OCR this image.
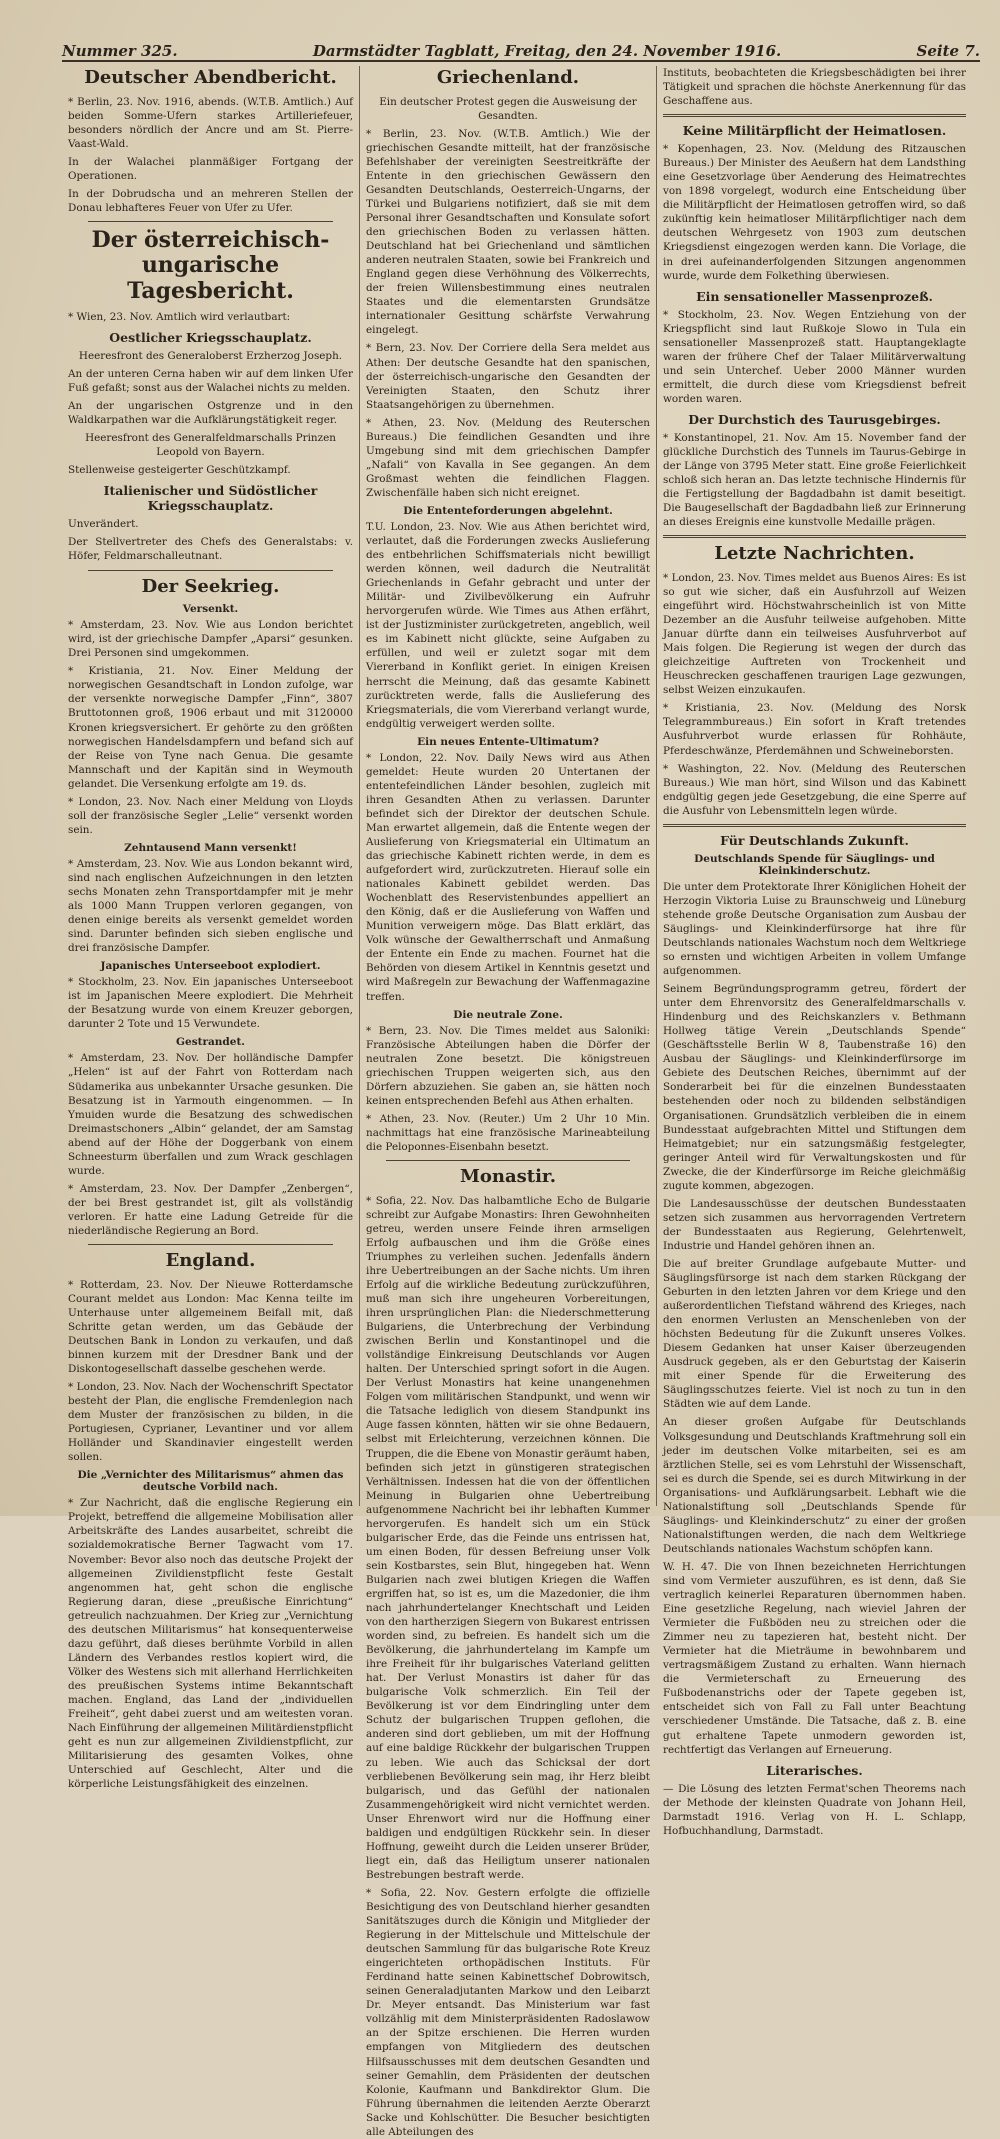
Nummer 325.	Darmstädter Tagblatt, Freitag, den 24. November 1916.	Seite 7.
Deutscher Abendbericht.

* Berlin, 23. Nov. 1916, abends. (W.T.B. Amtlich.) Auf beiden Somme-Ufern starkes Artilleriefeuer, besonders nördlich der Ancre und am St. Pierre-Vaast-Wald.

In der Walachei planmäßiger Fortgang der Operationen.

In der Dobrudscha und an mehreren Stellen der Donau lebhafteres Feuer von Ufer zu Ufer.

Der österreichisch-ungarische Tagesbericht.

* Wien, 23. Nov. Amtlich wird verlautbart:

Oestlicher Kriegsschauplatz.

Heeresfront des Generaloberst Erzherzog Joseph.

An der unteren Cerna haben wir auf dem linken Ufer Fuß gefaßt; sonst aus der Walachei nichts zu melden.

An der ungarischen Ostgrenze und in den Waldkarpathen war die Aufklärungstätigkeit reger.

Heeresfront des Generalfeldmarschalls Prinzen Leopold von Bayern.

Stellenweise gesteigerter Geschützkampf.

Italienischer und Südöstlicher Kriegsschauplatz.

Unverändert.

Der Stellvertreter des Chefs des Generalstabs: v. Höfer, Feldmarschalleutnant.

Der Seekrieg.
Versenkt.

* Amsterdam, 23. Nov. Wie aus London berichtet wird, ist der griechische Dampfer „Aparsi“ gesunken. Drei Personen sind umgekommen.

* Kristiania, 21. Nov. Einer Meldung der norwegischen Gesandtschaft in London zufolge, war der versenkte norwegische Dampfer „Finn“, 3807 Bruttotonnen groß, 1906 erbaut und mit 3120000 Kronen kriegsversichert. Er gehörte zu den größten norwegischen Handelsdampfern und befand sich auf der Reise von Tyne nach Genua. Die gesamte Mannschaft und der Kapitän sind in Weymouth gelandet. Die Versenkung erfolgte am 19. ds.

* London, 23. Nov. Nach einer Meldung von Lloyds soll der französische Segler „Lelie“ versenkt worden sein.

Zehntausend Mann versenkt!

* Amsterdam, 23. Nov. Wie aus London bekannt wird, sind nach englischen Aufzeichnungen in den letzten sechs Monaten zehn Transportdampfer mit je mehr als 1000 Mann Truppen verloren gegangen, von denen einige bereits als versenkt gemeldet worden sind. Darunter befinden sich sieben englische und drei französische Dampfer.

Japanisches Unterseeboot explodiert.

* Stockholm, 23. Nov. Ein japanisches Unterseeboot ist im Japanischen Meere explodiert. Die Mehrheit der Besatzung wurde von einem Kreuzer geborgen, darunter 2 Tote und 15 Verwundete.

Gestrandet.

* Amsterdam, 23. Nov. Der holländische Dampfer „Helen“ ist auf der Fahrt von Rotterdam nach Südamerika aus unbekannter Ursache gesunken. Die Besatzung ist in Yarmouth eingenommen. — In Ymuiden wurde die Besatzung des schwedischen Dreimastschoners „Albin“ gelandet, der am Samstag abend auf der Höhe der Doggerbank von einem Schneesturm überfallen und zum Wrack geschlagen wurde.

* Amsterdam, 23. Nov. Der Dampfer „Zenbergen“, der bei Brest gestrandet ist, gilt als vollständig verloren. Er hatte eine Ladung Getreide für die niederländische Regierung an Bord.

England.

* Rotterdam, 23. Nov. Der Nieuwe Rotterdamsche Courant meldet aus London: Mac Kenna teilte im Unterhause unter allgemeinem Beifall mit, daß Schritte getan werden, um das Gebäude der Deutschen Bank in London zu verkaufen, und daß binnen kurzem mit der Dresdner Bank und der Diskontogesellschaft dasselbe geschehen werde.

* London, 23. Nov. Nach der Wochenschrift Spectator besteht der Plan, die englische Fremdenlegion nach dem Muster der französischen zu bilden, in die Portugiesen, Cyprianer, Levantiner und vor allem Holländer und Skandinavier eingestellt werden sollen.

Die „Vernichter des Militarismus“ ahmen das deutsche Vorbild nach.

* Zur Nachricht, daß die englische Regierung ein Projekt, betreffend die allgemeine Mobilisation aller Arbeitskräfte des Landes ausarbeitet, schreibt die sozialdemokratische Berner Tagwacht vom 17. November: Bevor also noch das deutsche Projekt der allgemeinen Zivildienstpflicht feste Gestalt angenommen hat, geht schon die englische Regierung daran, diese „preußische Einrichtung“ getreulich nachzuahmen. Der Krieg zur „Vernichtung des deutschen Militarismus“ hat konsequenterweise dazu geführt, daß dieses berühmte Vorbild in allen Ländern des Verbandes restlos kopiert wird, die Völker des Westens sich mit allerhand Herrlichkeiten des preußischen Systems intime Bekanntschaft machen. England, das Land der „individuellen Freiheit“, geht dabei zuerst und am weitesten voran. Nach Einführung der allgemeinen Militärdienstpflicht geht es nun zur allgemeinen Zivildienstpflicht, zur Militarisierung des gesamten Volkes, ohne Unterschied auf Geschlecht, Alter und die körperliche Leistungsfähigkeit des einzelnen.

Griechenland.

Ein deutscher Protest gegen die Ausweisung der Gesandten.

* Berlin, 23. Nov. (W.T.B. Amtlich.) Wie der griechischen Gesandte mitteilt, hat der französische Befehlshaber der vereinigten Seestreitkräfte der Entente in den griechischen Gewässern den Gesandten Deutschlands, Oesterreich-Ungarns, der Türkei und Bulgariens notifiziert, daß sie mit dem Personal ihrer Gesandtschaften und Konsulate sofort den griechischen Boden zu verlassen hätten. Deutschland hat bei Griechenland und sämtlichen anderen neutralen Staaten, sowie bei Frankreich und England gegen diese Verhöhnung des Völkerrechts, der freien Willensbestimmung eines neutralen Staates und die elementarsten Grundsätze internationaler Gesittung schärfste Verwahrung eingelegt.

* Bern, 23. Nov. Der Corriere della Sera meldet aus Athen: Der deutsche Gesandte hat den spanischen, der österreichisch-ungarische den Gesandten der Vereinigten Staaten, den Schutz ihrer Staatsangehörigen zu übernehmen.

* Athen, 23. Nov. (Meldung des Reuterschen Bureaus.) Die feindlichen Gesandten und ihre Umgebung sind mit dem griechischen Dampfer „Nafali“ von Kavalla in See gegangen. An dem Großmast wehten die feindlichen Flaggen. Zwischenfälle haben sich nicht ereignet.

Die Ententeforderungen abgelehnt.

T.U. London, 23. Nov. Wie aus Athen berichtet wird, verlautet, daß die Forderungen zwecks Auslieferung des entbehrlichen Schiffsmaterials nicht bewilligt werden können, weil dadurch die Neutralität Griechenlands in Gefahr gebracht und unter der Militär- und Zivilbevölkerung ein Aufruhr hervorgerufen würde. Wie Times aus Athen erfährt, ist der Justizminister zurückgetreten, angeblich, weil es im Kabinett nicht glückte, seine Aufgaben zu erfüllen, und weil er zuletzt sogar mit dem Viererband in Konflikt geriet. In einigen Kreisen herrscht die Meinung, daß das gesamte Kabinett zurücktreten werde, falls die Auslieferung des Kriegsmaterials, die vom Viererband verlangt wurde, endgültig verweigert werden sollte.

Ein neues Entente-Ultimatum?

* London, 22. Nov. Daily News wird aus Athen gemeldet: Heute wurden 20 Untertanen der ententefeindlichen Länder besohlen, zugleich mit ihren Gesandten Athen zu verlassen. Darunter befindet sich der Direktor der deutschen Schule. Man erwartet allgemein, daß die Entente wegen der Auslieferung von Kriegsmaterial ein Ultimatum an das griechische Kabinett richten werde, in dem es aufgefordert wird, zurückzutreten. Hierauf solle ein nationales Kabinett gebildet werden. Das Wochenblatt des Reservistenbundes appelliert an den König, daß er die Auslieferung von Waffen und Munition verweigern möge. Das Blatt erklärt, das Volk wünsche der Gewaltherrschaft und Anmaßung der Entente ein Ende zu machen. Fournet hat die Behörden von diesem Artikel in Kenntnis gesetzt und wird Maßregeln zur Bewachung der Waffenmagazine treffen.

Die neutrale Zone.

* Bern, 23. Nov. Die Times meldet aus Saloniki: Französische Abteilungen haben die Dörfer der neutralen Zone besetzt. Die königstreuen griechischen Truppen weigerten sich, aus den Dörfern abzuziehen. Sie gaben an, sie hätten noch keinen entsprechenden Befehl aus Athen erhalten.

* Athen, 23. Nov. (Reuter.) Um 2 Uhr 10 Min. nachmittags hat eine französische Marineabteilung die Peloponnes-Eisenbahn besetzt.

Monastir.

* Sofia, 22. Nov. Das halbamtliche Echo de Bulgarie schreibt zur Aufgabe Monastirs: Ihren Gewohnheiten getreu, werden unsere Feinde ihren armseligen Erfolg aufbauschen und ihm die Größe eines Triumphes zu verleihen suchen. Jedenfalls ändern ihre Uebertreibungen an der Sache nichts. Um ihren Erfolg auf die wirkliche Bedeutung zurückzuführen, muß man sich ihre ungeheuren Vorbereitungen, ihren ursprünglichen Plan: die Niederschmetterung Bulgariens, die Unterbrechung der Verbindung zwischen Berlin und Konstantinopel und die vollständige Einkreisung Deutschlands vor Augen halten. Der Unterschied springt sofort in die Augen. Der Verlust Monastirs hat keine unangenehmen Folgen vom militärischen Standpunkt, und wenn wir die Tatsache lediglich von diesem Standpunkt ins Auge fassen könnten, hätten wir sie ohne Bedauern, selbst mit Erleichterung, verzeichnen können. Die Truppen, die die Ebene von Monastir geräumt haben, befinden sich jetzt in günstigeren strategischen Verhältnissen. Indessen hat die von der öffentlichen Meinung in Bulgarien ohne Uebertreibung aufgenommene Nachricht bei ihr lebhaften Kummer hervorgerufen. Es handelt sich um ein Stück bulgarischer Erde, das die Feinde uns entrissen hat, um einen Boden, für dessen Befreiung unser Volk sein Kostbarstes, sein Blut, hingegeben hat. Wenn Bulgarien nach zwei blutigen Kriegen die Waffen ergriffen hat, so ist es, um die Mazedonier, die ihm nach jahrhundertelanger Knechtschaft und Leiden von den hartherzigen Siegern von Bukarest entrissen worden sind, zu befreien. Es handelt sich um die Bevölkerung, die jahrhundertelang im Kampfe um ihre Freiheit für ihr bulgarisches Vaterland gelitten hat. Der Verlust Monastirs ist daher für das bulgarische Volk schmerzlich. Ein Teil der Bevölkerung ist vor dem Eindringling unter dem Schutz der bulgarischen Truppen geflohen, die anderen sind dort geblieben, um mit der Hoffnung auf eine baldige Rückkehr der bulgarischen Truppen zu leben. Wie auch das Schicksal der dort verbliebenen Bevölkerung sein mag, ihr Herz bleibt bulgarisch, und das Gefühl der nationalen Zusammengehörigkeit wird nicht vernichtet werden. Unser Ehrenwort wird nur die Hoffnung einer baldigen und endgültigen Rückkehr sein. In dieser Hoffnung, geweiht durch die Leiden unserer Brüder, liegt ein, daß das Heiligtum unserer nationalen Bestrebungen bestraft werde.

* Sofia, 22. Nov. Gestern erfolgte die offizielle Besichtigung des von Deutschland hierher gesandten Sanitätszuges durch die Königin und Mitglieder der Regierung in der Mittelschule und Mittelschule der deutschen Sammlung für das bulgarische Rote Kreuz eingerichteten orthopädischen Instituts. Für Ferdinand hatte seinen Kabinettschef Dobrowitsch, seinen Generaladjutanten Markow und den Leibarzt Dr. Meyer entsandt. Das Ministerium war fast vollzählig mit dem Ministerpräsidenten Radoslawow an der Spitze erschienen. Die Herren wurden empfangen von Mitgliedern des deutschen Hilfsausschusses mit dem deutschen Gesandten und seiner Gemahlin, dem Präsidenten der deutschen Kolonie, Kaufmann und Bankdirektor Glum. Die Führung übernahmen die leitenden Aerzte Oberarzt Sacke und Kohlschütter. Die Besucher besichtigten alle Abteilungen des

Instituts, beobachteten die Kriegsbeschädigten bei ihrer Tätigkeit und sprachen die höchste Anerkennung für das Geschaffene aus.

Keine Militärpflicht der Heimatlosen.

* Kopenhagen, 23. Nov. (Meldung des Ritzauschen Bureaus.) Der Minister des Aeußern hat dem Landsthing eine Gesetzvorlage über Aenderung des Heimatrechtes von 1898 vorgelegt, wodurch eine Entscheidung über die Militärpflicht der Heimatlosen getroffen wird, so daß zukünftig kein heimatloser Militärpflichtiger nach dem deutschen Wehrgesetz von 1903 zum deutschen Kriegsdienst eingezogen werden kann. Die Vorlage, die in drei aufeinanderfolgenden Sitzungen angenommen wurde, wurde dem Folkething überwiesen.

Ein sensationeller Massenprozeß.

* Stockholm, 23. Nov. Wegen Entziehung von der Kriegspflicht sind laut Rußkoje Slowo in Tula ein sensationeller Massenprozeß statt. Hauptangeklagte waren der frühere Chef der Talaer Militärverwaltung und sein Unterchef. Ueber 2000 Männer wurden ermittelt, die durch diese vom Kriegsdienst befreit worden waren.

Der Durchstich des Taurusgebirges.

* Konstantinopel, 21. Nov. Am 15. November fand der glückliche Durchstich des Tunnels im Taurus-Gebirge in der Länge von 3795 Meter statt. Eine große Feierlichkeit schloß sich heran an. Das letzte technische Hindernis für die Fertigstellung der Bagdadbahn ist damit beseitigt. Die Baugesellschaft der Bagdadbahn ließ zur Erinnerung an dieses Ereignis eine kunstvolle Medaille prägen.

Letzte Nachrichten.

* London, 23. Nov. Times meldet aus Buenos Aires: Es ist so gut wie sicher, daß ein Ausfuhrzoll auf Weizen eingeführt wird. Höchstwahrscheinlich ist von Mitte Dezember an die Ausfuhr teilweise aufgehoben. Mitte Januar dürfte dann ein teilweises Ausfuhrverbot auf Mais folgen. Die Regierung ist wegen der durch das gleichzeitige Auftreten von Trockenheit und Heuschrecken geschaffenen traurigen Lage gezwungen, selbst Weizen einzukaufen.

* Kristiania, 23. Nov. (Meldung des Norsk Telegrammbureaus.) Ein sofort in Kraft tretendes Ausfuhrverbot wurde erlassen für Rohhäute, Pferdeschwänze, Pferdemähnen und Schweineborsten.

* Washington, 22. Nov. (Meldung des Reuterschen Bureaus.) Wie man hört, sind Wilson und das Kabinett endgültig gegen jede Gesetzgebung, die eine Sperre auf die Ausfuhr von Lebensmitteln legen würde.

Für Deutschlands Zukunft.
Deutschlands Spende für Säuglings- und Kleinkinderschutz.

Die unter dem Protektorate Ihrer Königlichen Hoheit der Herzogin Viktoria Luise zu Braunschweig und Lüneburg stehende große Deutsche Organisation zum Ausbau der Säuglings- und Kleinkinderfürsorge hat ihre für Deutschlands nationales Wachstum noch dem Weltkriege so ernsten und wichtigen Arbeiten in vollem Umfange aufgenommen.

Seinem Begründungsprogramm getreu, fördert der unter dem Ehrenvorsitz des Generalfeldmarschalls v. Hindenburg und des Reichskanzlers v. Bethmann Hollweg tätige Verein „Deutschlands Spende“ (Geschäftsstelle Berlin W 8, Taubenstraße 16) den Ausbau der Säuglings- und Kleinkinderfürsorge im Gebiete des Deutschen Reiches, übernimmt auf der Sonderarbeit bei für die einzelnen Bundesstaaten bestehenden oder noch zu bildenden selbständigen Organisationen. Grundsätzlich verbleiben die in einem Bundesstaat aufgebrachten Mittel und Stiftungen dem Heimatgebiet; nur ein satzungsmäßig festgelegter, geringer Anteil wird für Verwaltungskosten und für Zwecke, die der Kinderfürsorge im Reiche gleichmäßig zugute kommen, abgezogen.

Die Landesausschüsse der deutschen Bundesstaaten setzen sich zusammen aus hervorragenden Vertretern der Bundesstaaten aus Regierung, Gelehrtenwelt, Industrie und Handel gehören ihnen an.

Die auf breiter Grundlage aufgebaute Mutter- und Säuglingsfürsorge ist nach dem starken Rückgang der Geburten in den letzten Jahren vor dem Kriege und den außerordentlichen Tiefstand während des Krieges, nach den enormen Verlusten an Menschenleben von der höchsten Bedeutung für die Zukunft unseres Volkes. Diesem Gedanken hat unser Kaiser überzeugenden Ausdruck gegeben, als er den Geburtstag der Kaiserin mit einer Spende für die Erweiterung des Säuglingsschutzes feierte. Viel ist noch zu tun in den Städten wie auf dem Lande.

An dieser großen Aufgabe für Deutschlands Volksgesundung und Deutschlands Kraftmehrung soll ein jeder im deutschen Volke mitarbeiten, sei es am ärztlichen Stelle, sei es vom Lehrstuhl der Wissenschaft, sei es durch die Spende, sei es durch Mitwirkung in der Organisations- und Aufklärungsarbeit. Lebhaft wie die Nationalstiftung soll „Deutschlands Spende für Säuglings- und Kleinkinderschutz“ zu einer der großen Nationalstiftungen werden, die nach dem Weltkriege Deutschlands nationales Wachstum schöpfen kann.

W. H. 47. Die von Ihnen bezeichneten Herrichtungen sind vom Vermieter auszuführen, es ist denn, daß Sie vertraglich keinerlei Reparaturen übernommen haben. Eine gesetzliche Regelung, nach wieviel Jahren der Vermieter die Fußböden neu zu streichen oder die Zimmer neu zu tapezieren hat, besteht nicht. Der Vermieter hat die Mieträume in bewohnbarem und vertragsmäßigem Zustand zu erhalten. Wann hiernach die Vermieterschaft zu Erneuerung des Fußbodenanstrichs oder der Tapete gegeben ist, entscheidet sich von Fall zu Fall unter Beachtung verschiedener Umstände. Die Tatsache, daß z. B. eine gut erhaltene Tapete unmodern geworden ist, rechtfertigt das Verlangen auf Erneuerung.

Literarisches.

— Die Lösung des letzten Fermat'schen Theorems nach der Methode der kleinsten Quadrate von Johann Heil, Darmstadt 1916. Verlag von H. L. Schlapp, Hofbuchhandlung, Darmstadt.
